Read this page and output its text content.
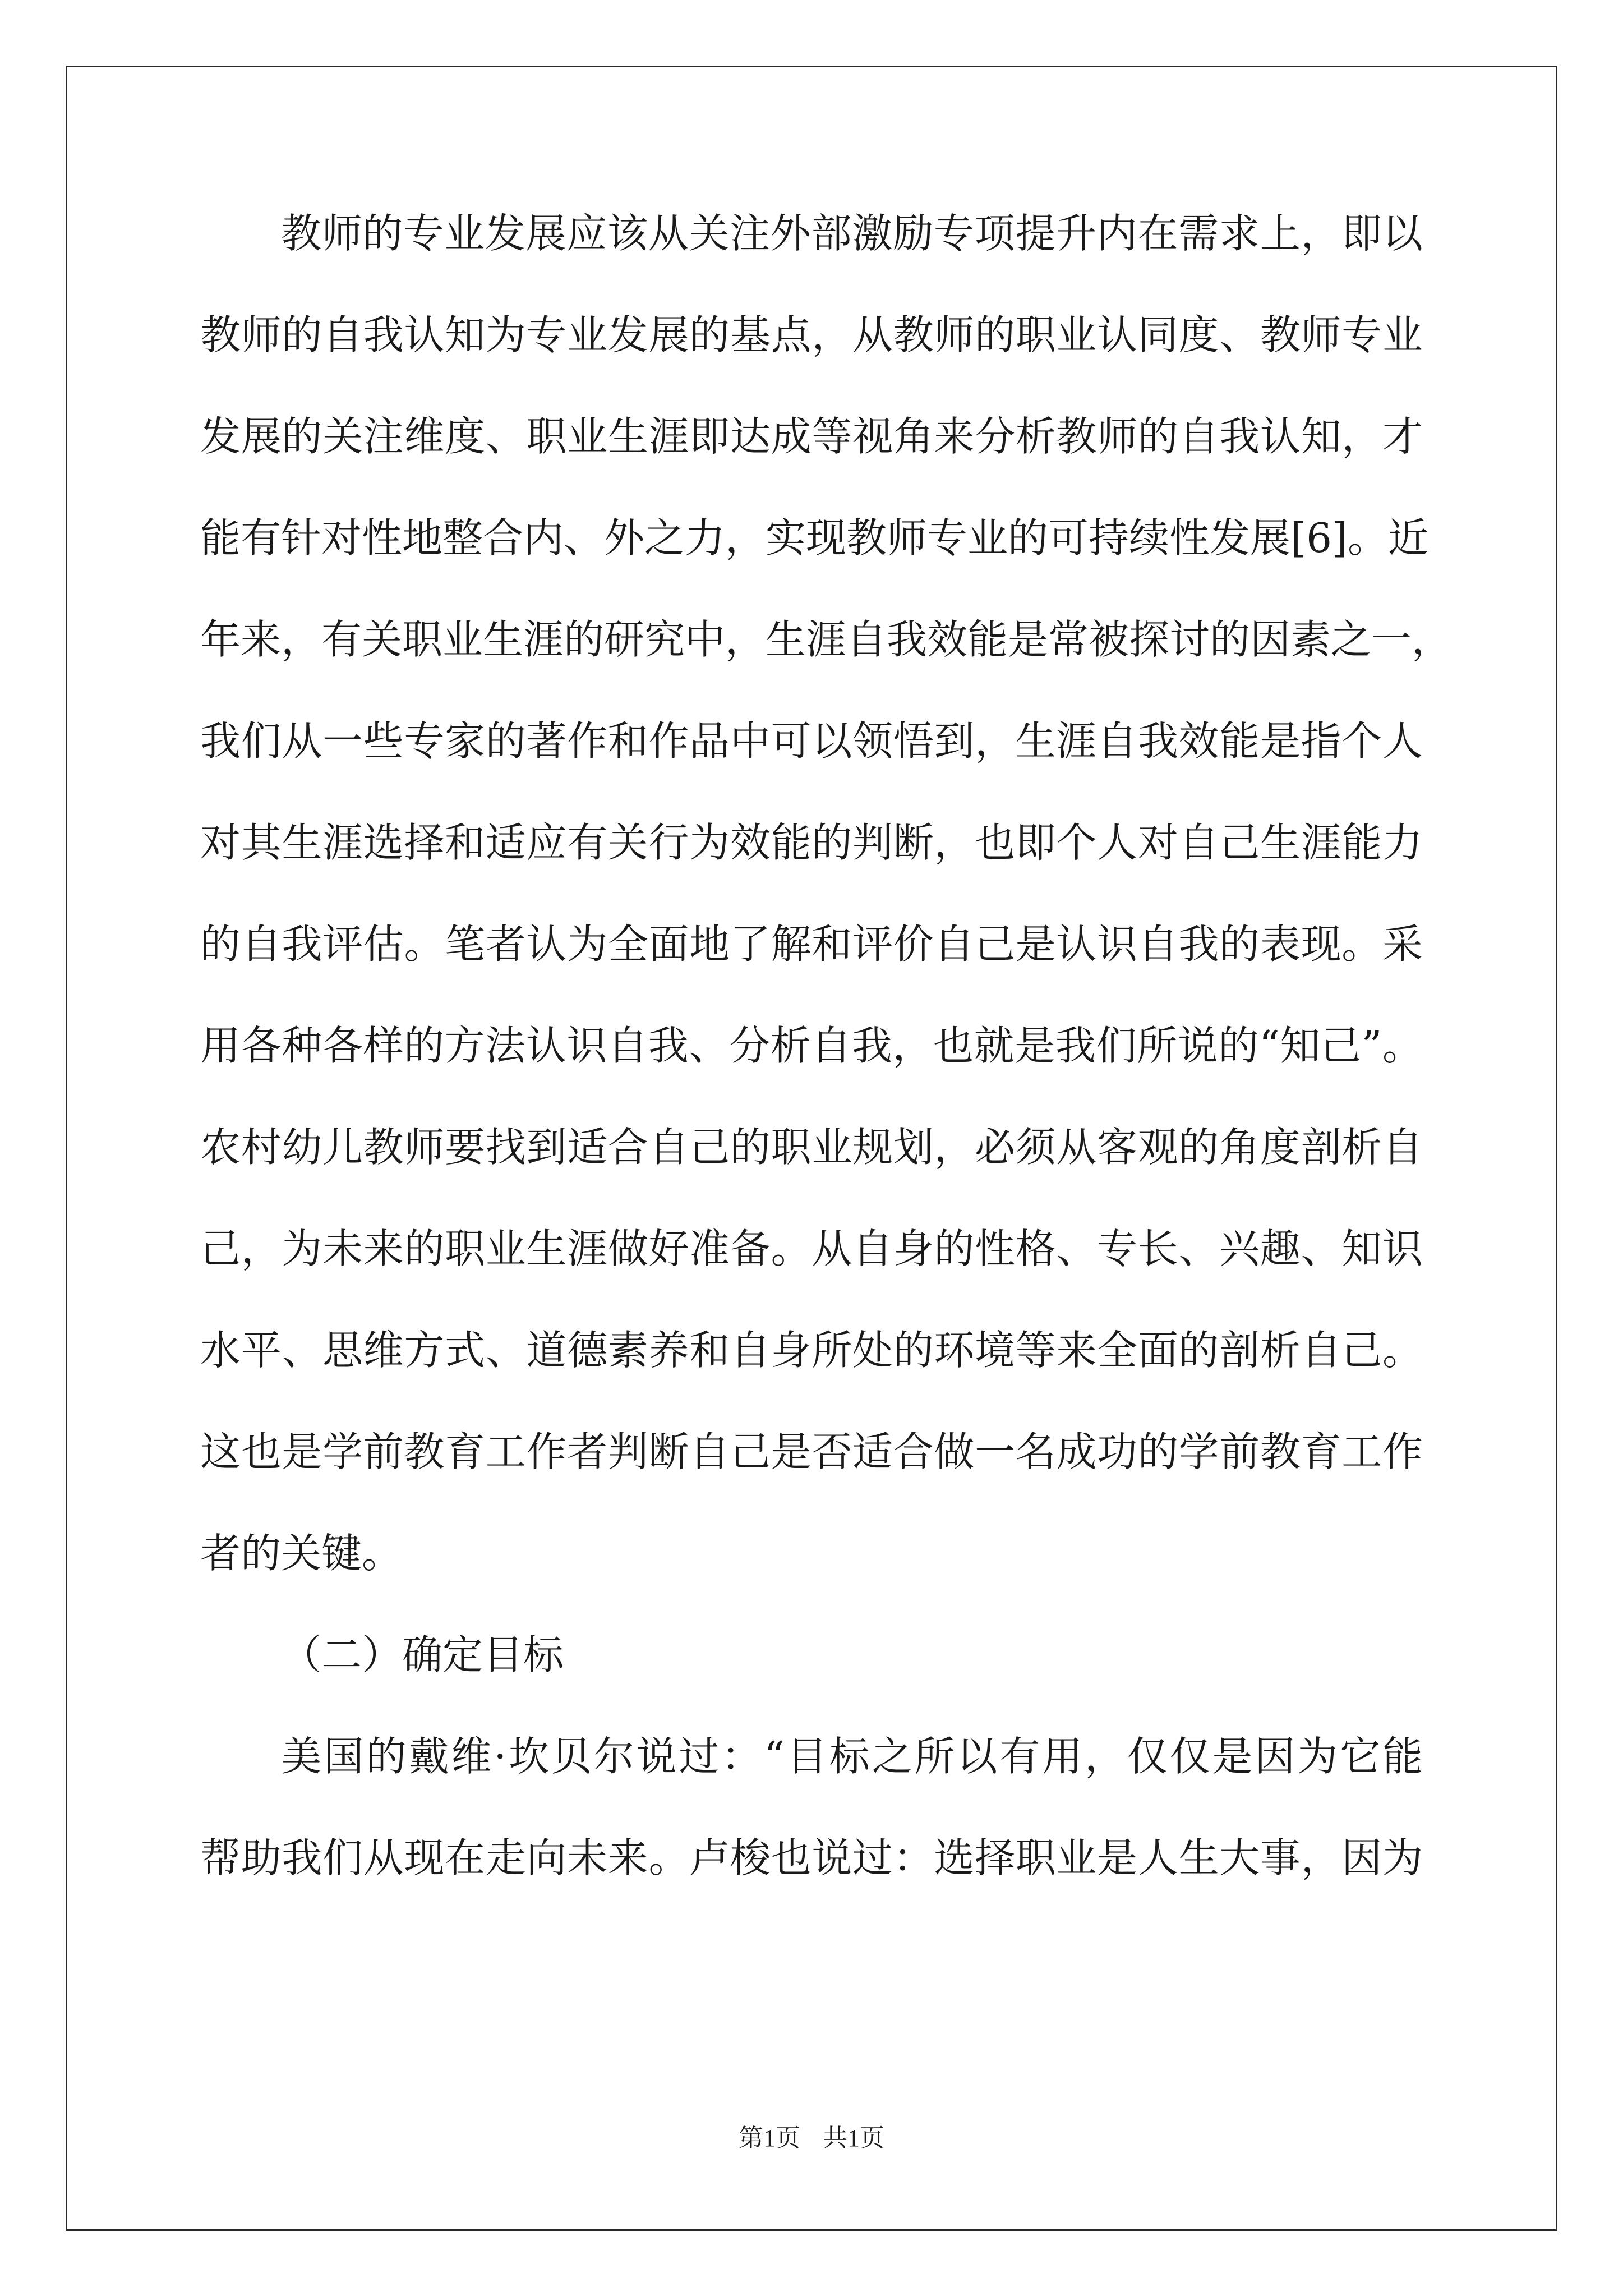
教师的专业发展应该从关注外部激励专项提升内在需求上，即以
教师的自我认知为专业发展的基点，从教师的职业认同度、教师专业
发展的关注维度、职业生涯即达成等视角来分析教师的自我认知，才
能有针对性地整合内、外之力，实现教师专业的可持续性发展[6]。近
年来，有关职业生涯的研究中，生涯自我效能是常被探讨的因素之一，
我们从一些专家的著作和作品中可以领悟到，生涯自我效能是指个人
对其生涯选择和适应有关行为效能的判断，也即个人对自己生涯能力
的自我评估。笔者认为全面地了解和评价自己是认识自我的表现。采
用各种各样的方法认识自我、分析自我，也就是我们所说的“知己”。
农村幼儿教师要找到适合自己的职业规划，必须从客观的角度剖析自
己，为未来的职业生涯做好准备。从自身的性格、专长、兴趣、知识
水平、思维方式、道德素养和自身所处的环境等来全面的剖析自己。
这也是学前教育工作者判断自己是否适合做一名成功的学前教育工作
者的关键。
（二）确定目标
美国的戴维·坎贝尔说过：“目标之所以有用，仅仅是因为它能
帮助我们从现在走向未来。卢梭也说过：选择职业是人生大事，因为
第1页 共1页
